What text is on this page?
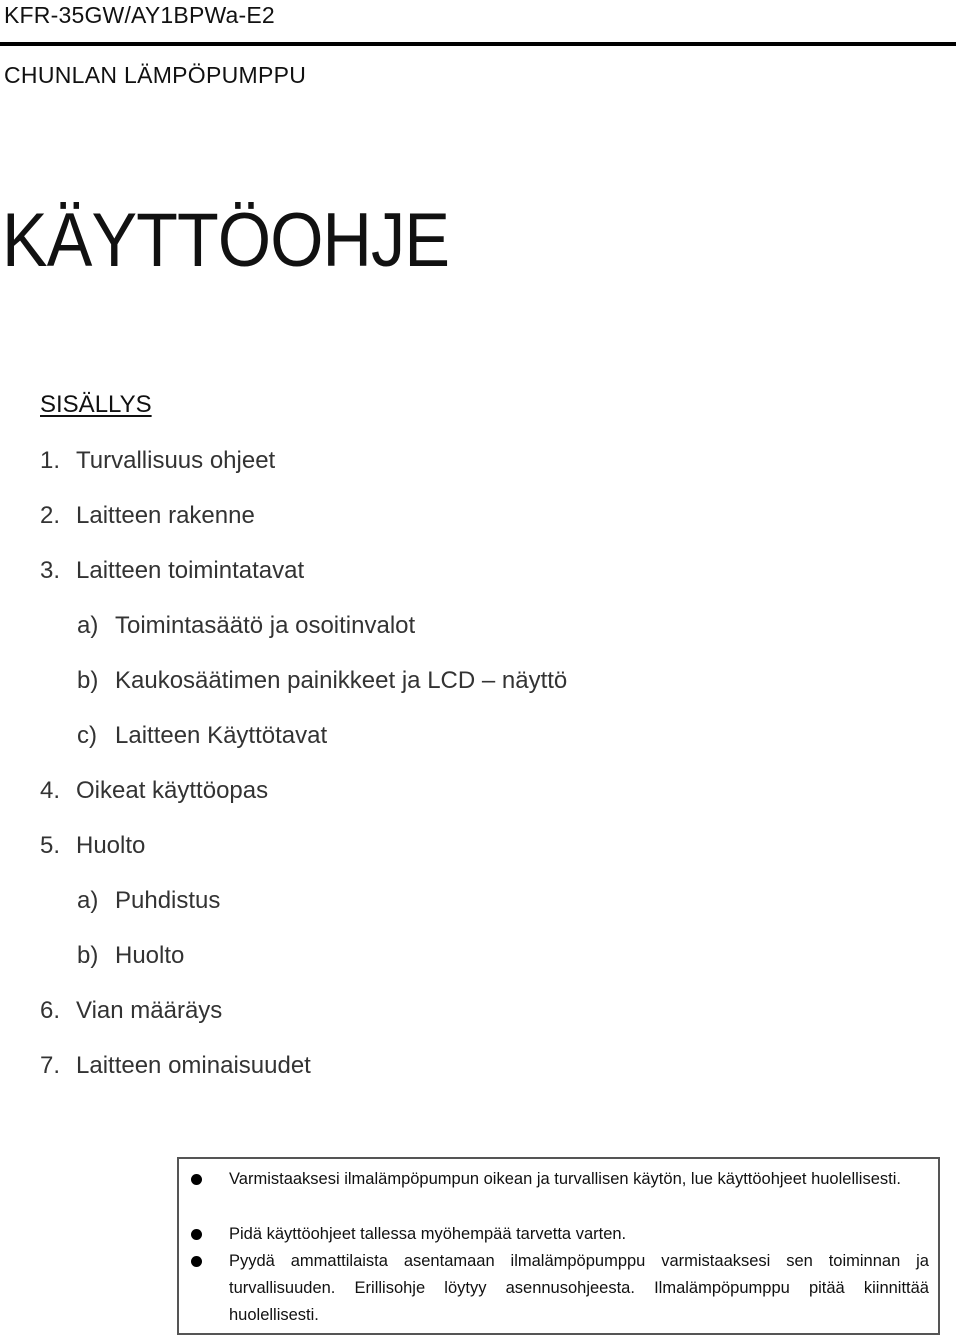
KFR-35GW/AY1BPWa-E2
CHUNLAN LÄMPÖPUMPPU
KÄYTTÖOHJE
SISÄLLYS
1. Turvallisuus ohjeet
2. Laitteen rakenne
3. Laitteen toimintatavat
a) Toimintasäätö ja osoitinvalot
b) Kaukosäätimen painikkeet ja LCD – näyttö
c) Laitteen Käyttötavat
4. Oikeat käyttöopas
5. Huolto
a) Puhdistus
b) Huolto
6. Vian määräys
7. Laitteen ominaisuudet
Varmistaaksesi ilmalämpöpumpun oikean ja turvallisen käytön, lue käyttöohjeet huolellisesti.
Pidä käyttöohjeet tallessa myöhempää tarvetta varten.
Pyydä ammattilaista asentamaan ilmalämpöpumppu varmistaaksesi sen toiminnan ja turvallisuuden. Erillisohje löytyy asennusohjeesta. Ilmalämpöpumppu pitää kiinnittää huolellisesti.
